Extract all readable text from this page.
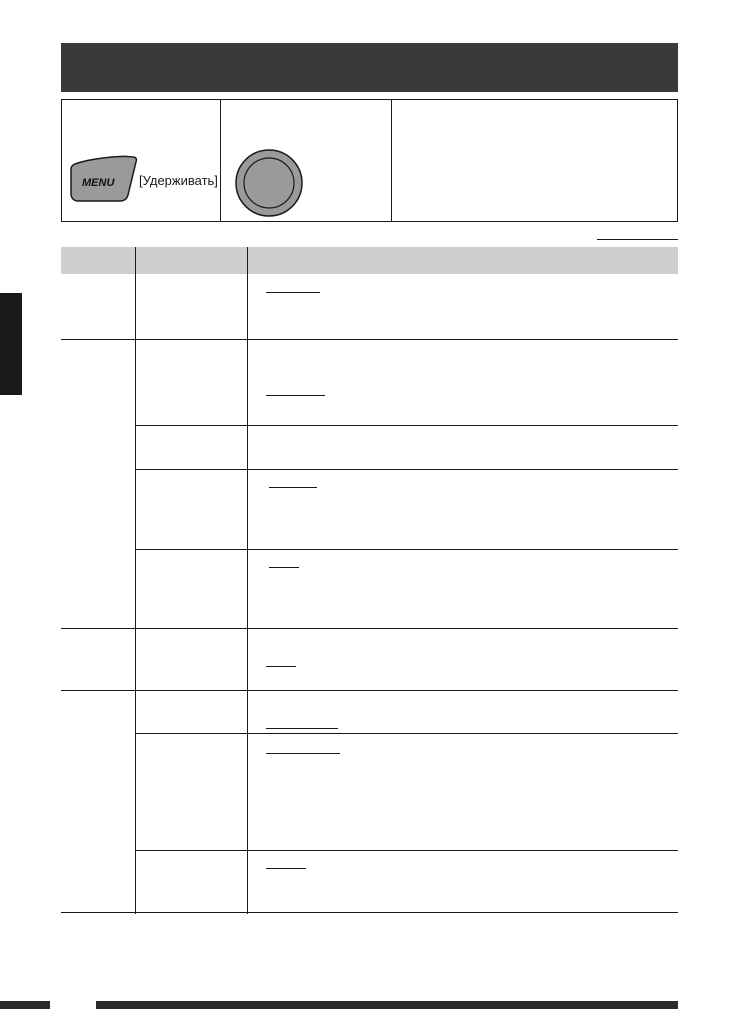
MENU [Удерживать]
